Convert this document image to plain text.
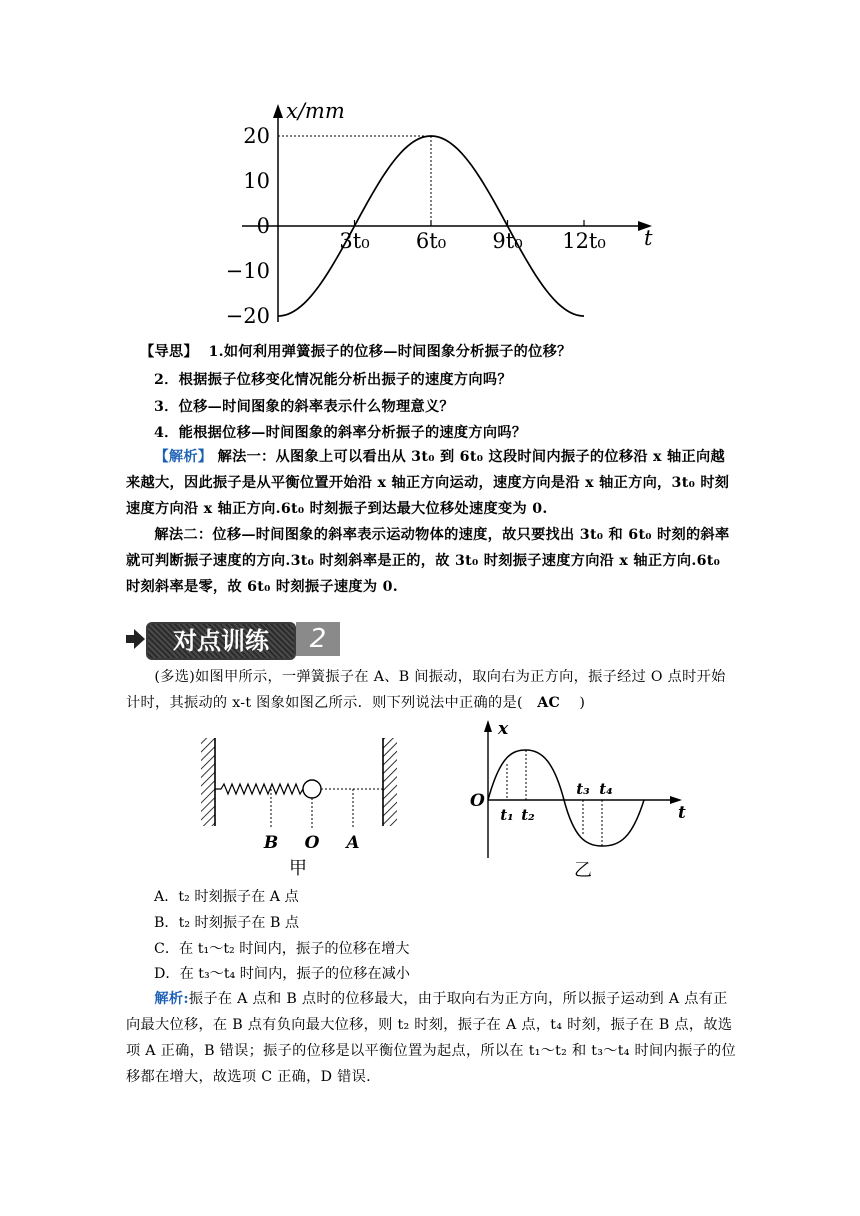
x/mm
t
20
10
0
−10
−20
3t₀ 6t₀ 9t₀ 12t₀
【导思】 1.如何利用弹簧振子的位移—时间图象分析振子的位移？
2．根据振子位移变化情况能分析出振子的速度方向吗？
3．位移—时间图象的斜率表示什么物理意义？
4．能根据位移—时间图象的斜率分析振子的速度方向吗？
【解析】 解法一：从图象上可以看出从 3t₀ 到 6t₀ 这段时间内振子的位移沿 x 轴正向越来越大，因此振子是从平衡位置开始沿 x 轴正方向运动，速度方向是沿 x 轴正方向，3t₀ 时刻速度方向沿 x 轴正方向.6t₀ 时刻振子到达最大位移处速度变为 0.
解法二：位移—时间图象的斜率表示运动物体的速度，故只要找出 3t₀ 和 6t₀ 时刻的斜率就可判断振子速度的方向.3t₀ 时刻斜率是正的，故 3t₀ 时刻振子速度方向沿 x 轴正方向.6t₀ 时刻斜率是零，故 6t₀ 时刻振子速度为 0.
对点训练	2
(多选)如图甲所示，一弹簧振子在 A、B 间振动，取向右为正方向，振子经过 O 点时开始计时，其振动的 x-t 图象如图乙所示．则下列说法中正确的是( AC )
B O A
甲
x
t
O
t₁ t₂
t₃ t₄
乙
A．t₂ 时刻振子在 A 点
B．t₂ 时刻振子在 B 点
C．在 t₁～t₂ 时间内，振子的位移在增大
D．在 t₃～t₄ 时间内，振子的位移在减小
解析:振子在 A 点和 B 点时的位移最大，由于取向右为正方向，所以振子运动到 A 点有正向最大位移，在 B 点有负向最大位移，则 t₂ 时刻，振子在 A 点，t₄ 时刻，振子在 B 点，故选项 A 正确，B 错误；振子的位移是以平衡位置为起点，所以在 t₁～t₂ 和 t₃～t₄ 时间内振子的位移都在增大，故选项 C 正确，D 错误.
